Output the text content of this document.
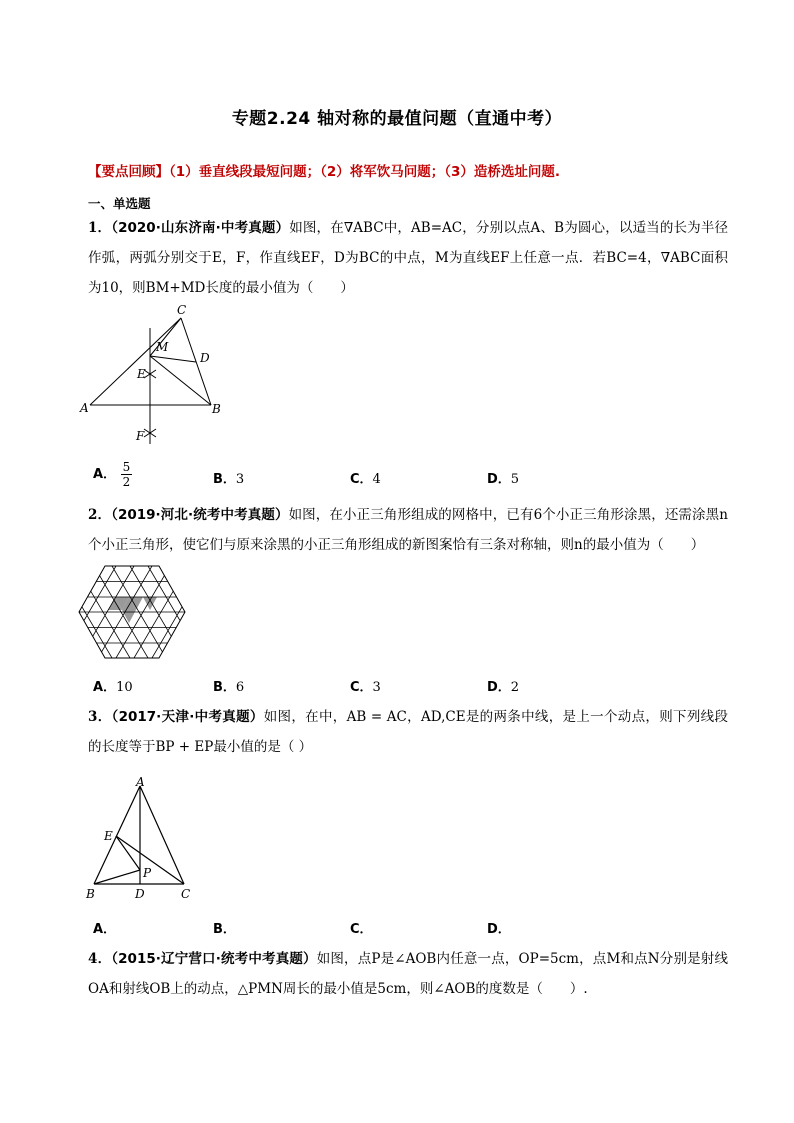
专题2.24 轴对称的最值问题（直通中考）
【要点回顾】（1）垂直线段最短问题；（2）将军饮马问题；（3）造桥选址问题.
一、单选题
1．（2020·山东济南·中考真题）如图，在∇ABC中，AB=AC，分别以点A、B为圆心，以适当的长为半径作弧，两弧分别交于E，F，作直线EF，D为BC的中点，M为直线EF上任意一点．若BC=4，∇ABC面积为10，则BM+MD长度的最小值为（　　）
C
M
D
E
A	B
F
A． $\frac{5}{2}$	B．3	C．4	D．5
2．（2019·河北·统考中考真题）如图，在小正三角形组成的网格中，已有6个小正三角形涂黑，还需涂黑n个小正三角形，使它们与原来涂黑的小正三角形组成的新图案恰有三条对称轴，则n的最小值为（　　）
A．10	B．6	C．3	D．2
3．（2017·天津·中考真题）如图，在中，AB = AC，AD,CE是的两条中线，是上一个动点，则下列线段的长度等于BP + EP最小值的是（ ）
A
E
P
B	D	C
A．	B．	C．	D．
4．（2015·辽宁营口·统考中考真题）如图，点P是∠AOB内任意一点，OP=5cm，点M和点N分别是射线OA和射线OB上的动点，△PMN周长的最小值是5cm，则∠AOB的度数是（　　）.
